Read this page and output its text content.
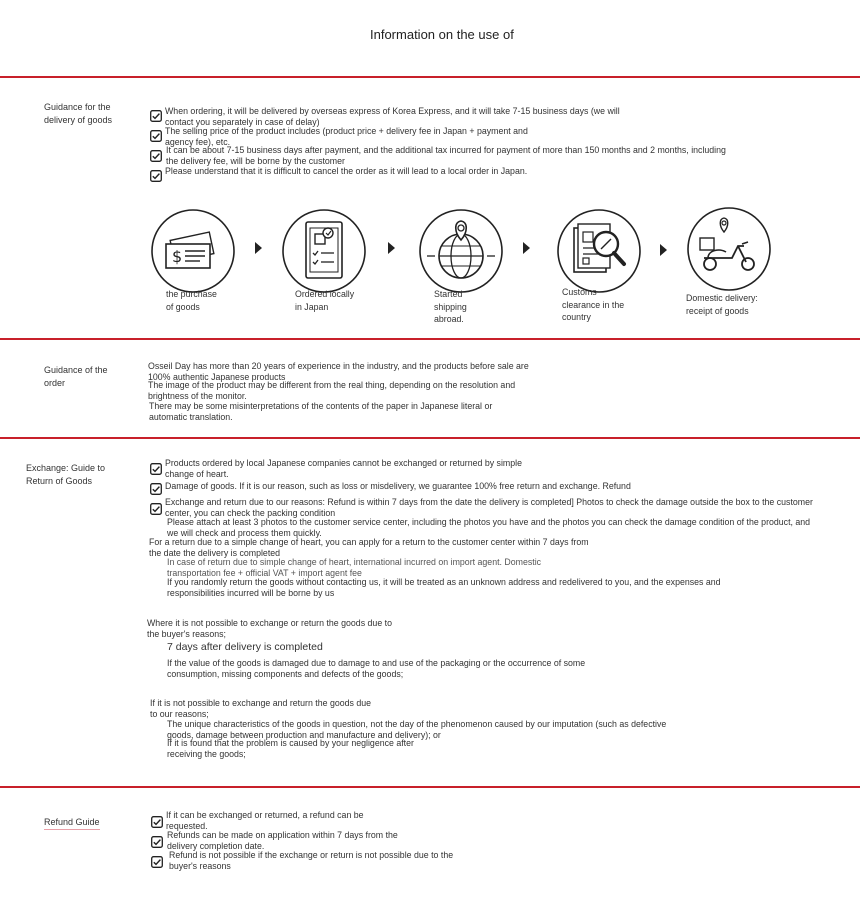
Information on the use of
Guidance for the delivery of goods
When ordering, it will be delivered by overseas express of Korea Express, and it will take 7-15 business days (we will contact you separately in case of delay)
The selling price of the product includes (product price + delivery fee in Japan + payment and agency fee), etc.
It can be about 7-15 business days after payment, and the additional tax incurred for payment of more than 150 months and 2 months, including the delivery fee, will be borne by the customer
Please understand that it is difficult to cancel the order as it will lead to a local order in Japan.
$
the purchase of goods
Ordered locally in Japan
Started shipping abroad.
Customs clearance in the country
Domestic delivery: receipt of goods
Guidance of the order
Osseil Day has more than 20 years of experience in the industry, and the products before sale are 100% authentic Japanese products
The image of the product may be different from the real thing, depending on the resolution and brightness of the monitor.
There may be some misinterpretations of the contents of the paper in Japanese literal or automatic translation.
Exchange: Guide to Return of Goods
Products ordered by local Japanese companies cannot be exchanged or returned by simple change of heart.
Damage of goods. If it is our reason, such as loss or misdelivery, we guarantee 100% free return and exchange. Refund
Exchange and return due to our reasons: Refund is within 7 days from the date the delivery is completed] Photos to check the damage outside the box to the customer center, you can check the packing condition
Please attach at least 3 photos to the customer service center, including the photos you have and the photos you can check the damage condition of the product, and we will check and process them quickly.
For a return due to a simple change of heart, you can apply for a return to the customer center within 7 days from the date the delivery is completed
In case of return due to simple change of heart, international incurred on import agent. Domestic transportation fee + official VAT + import agent fee
If you randomly return the goods without contacting us, it will be treated as an unknown address and redelivered to you, and the expenses and responsibilities incurred will be borne by us
Where it is not possible to exchange or return the goods due to the buyer's reasons;
7 days after delivery is completed
If the value of the goods is damaged due to damage to and use of the packaging or the occurrence of some consumption, missing components and defects of the goods;
If it is not possible to exchange and return the goods due to our reasons;
The unique characteristics of the goods in question, not the day of the phenomenon caused by our imputation (such as defective goods, damage between production and manufacture and delivery); or
If it is found that the problem is caused by your negligence after receiving the goods;
Refund Guide
If it can be exchanged or returned, a refund can be requested.
Refunds can be made on application within 7 days from the delivery completion date.
Refund is not possible if the exchange or return is not possible due to the buyer's reasons
